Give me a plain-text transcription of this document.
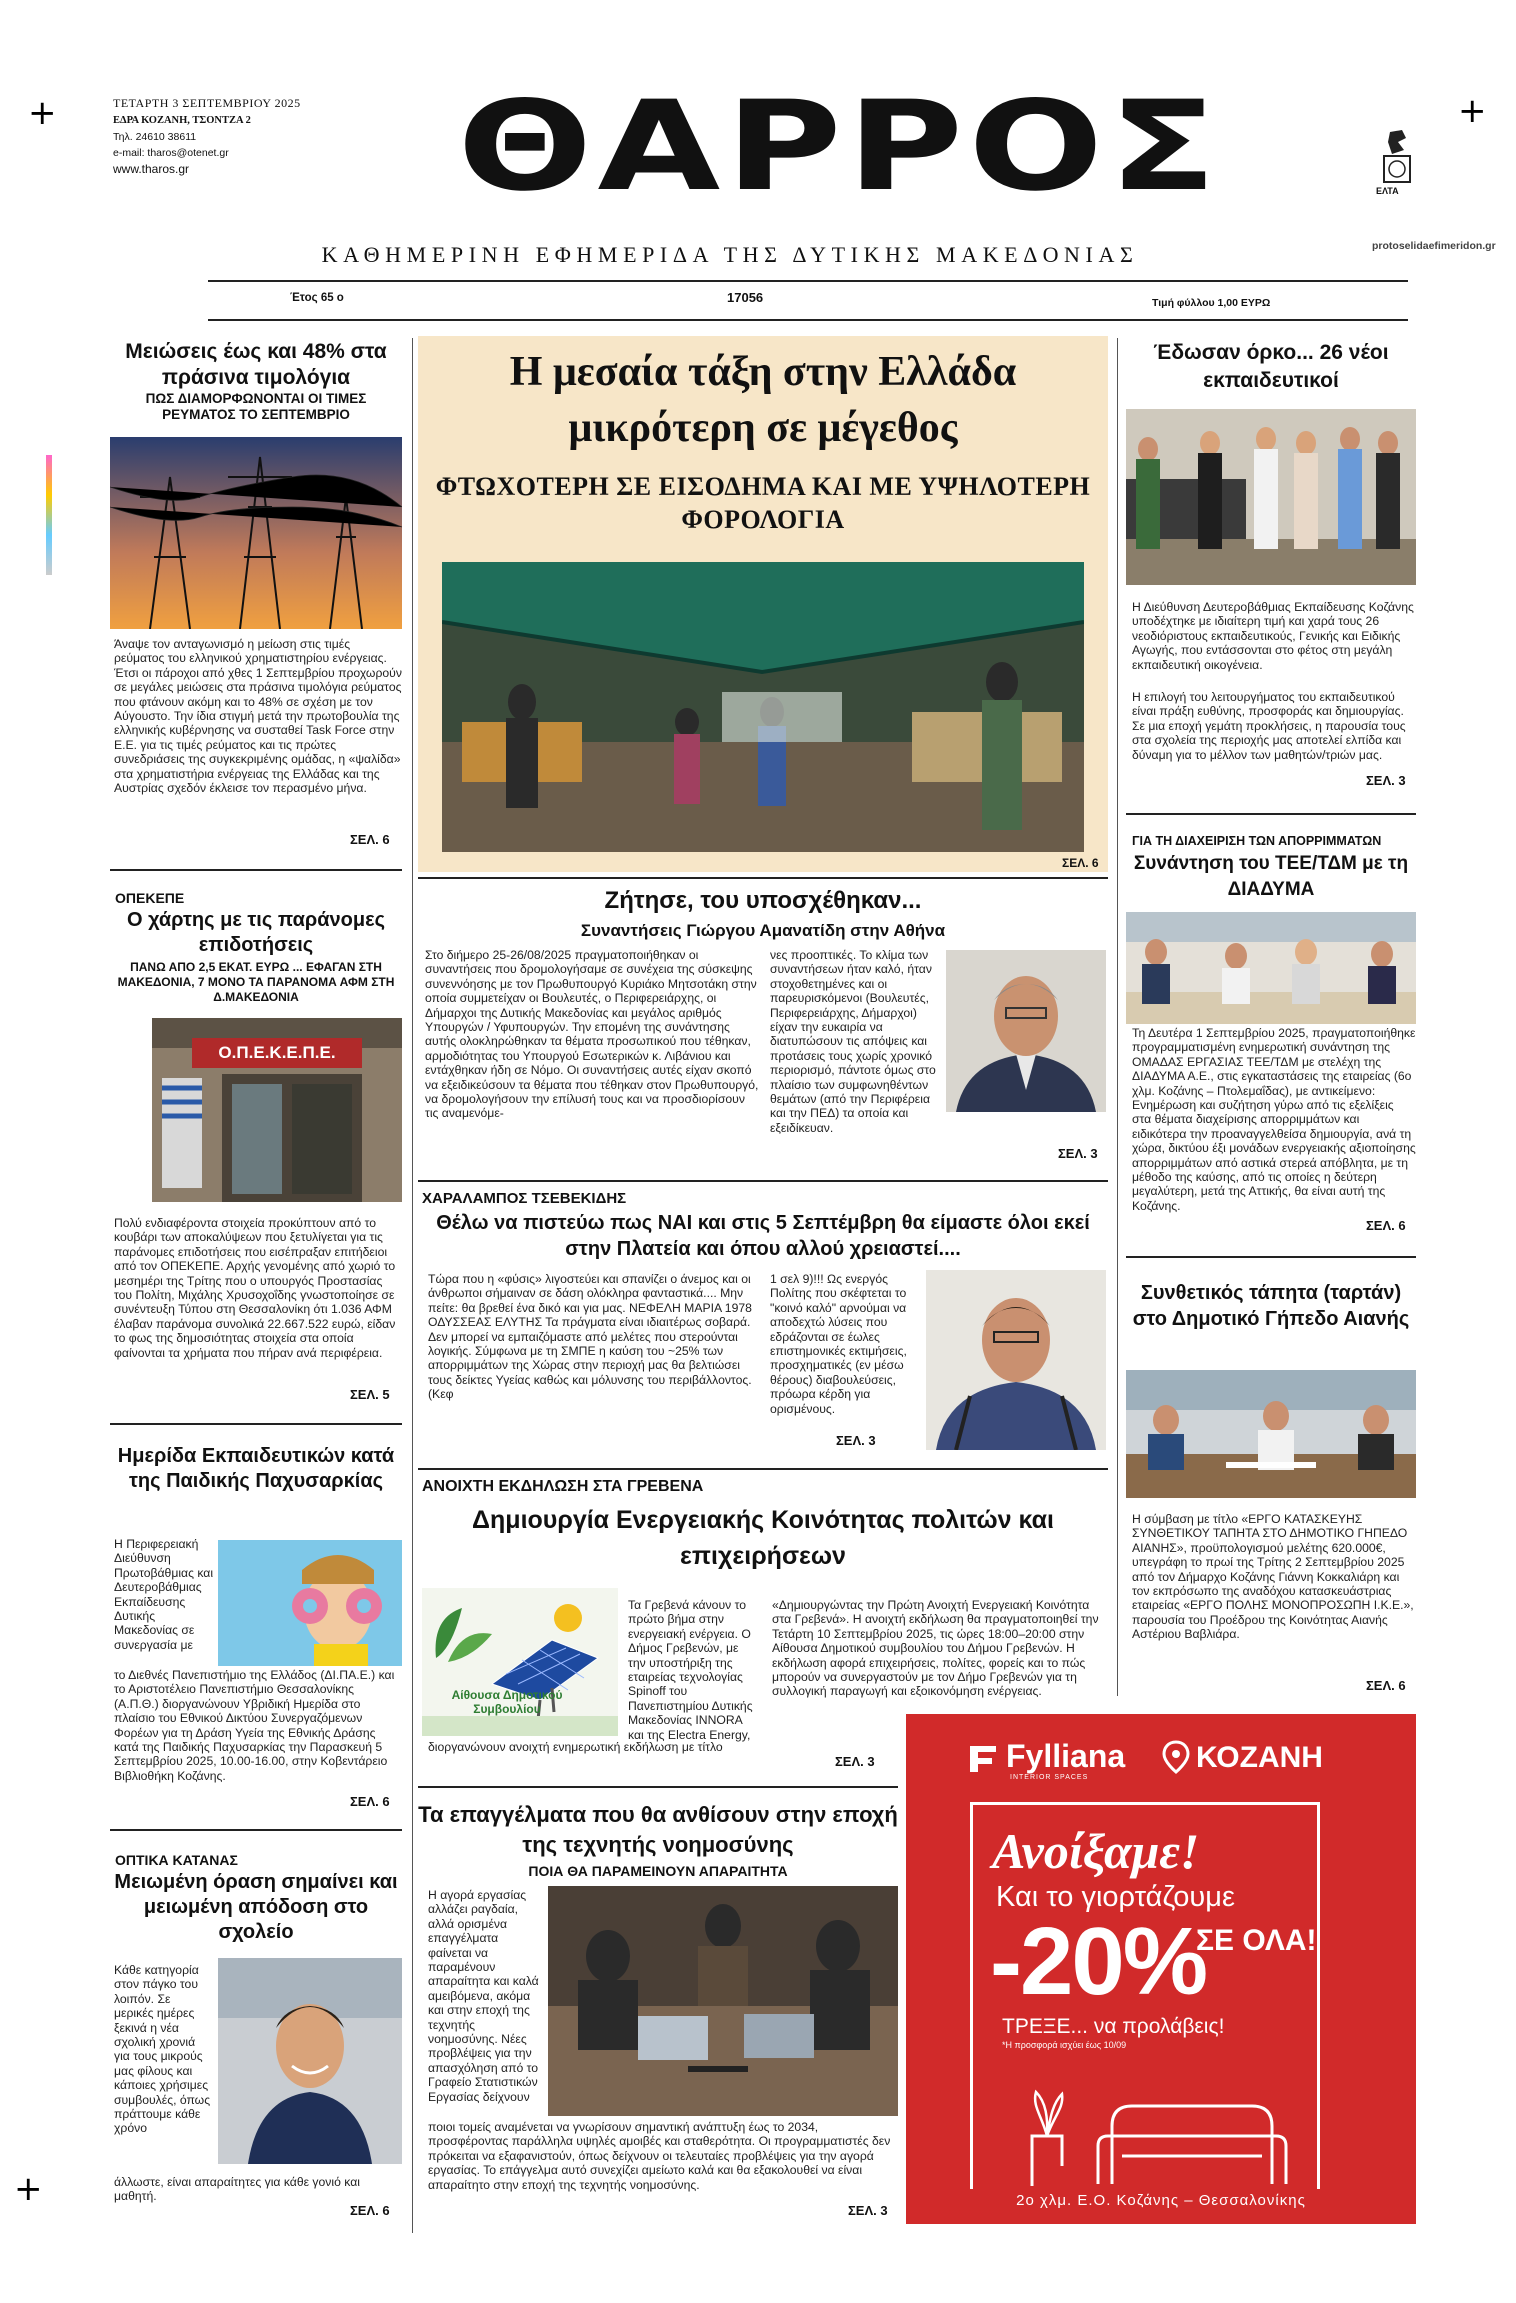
+	+
+
ΤΕΤΑΡΤΗ 3 ΣΕΠΤΕΜΒΡΙΟΥ 2025
ΕΔΡΑ ΚΟΖΑΝΗ, ΤΣΟΝΤΖΑ 2
Τηλ. 24610 38611
e-mail: tharos@otenet.gr
www.tharos.gr	ΘΑΡΡΟΣ	ΕΛΤΑ
protoselidaefimeridon.gr
ΚΑΘΗΜΕΡΙΝΗ ΕΦΗΜΕΡΙΔΑ ΤΗΣ ΔΥΤΙΚΗΣ ΜΑΚΕΔΟΝΙΑΣ
Έτος 65 ο	17056	Τιμή φύλλου 1,00 ΕΥΡΩ
Μειώσεις έως και 48% στα πράσινα τιμολόγια
ΠΩΣ ΔΙΑΜΟΡΦΩΝΟΝΤΑΙ ΟΙ ΤΙΜΕΣ ΡΕΥΜΑΤΟΣ ΤΟ ΣΕΠΤΕΜΒΡΙΟ
Άναψε τον ανταγωνισμό η μείωση στις τιμές ρεύματος του ελληνικού χρηματιστηρίου ενέργειας. Έτσι οι πάροχοι από χθες 1 Σεπτεμβρίου προχωρούν σε μεγάλες μειώσεις στα πράσινα τιμολόγια ρεύματος που φτάνουν ακόμη και το 48% σε σχέση με τον Αύγουστο. Την ίδια στιγμή μετά την πρωτοβουλία της ελληνικής κυβέρνησης να συσταθεί Task Force στην Ε.Ε. για τις τιμές ρεύματος και τις πρώτες συνεδριάσεις της συγκεκριμένης ομάδας, η «ψαλίδα» στα χρηματιστήρια ενέργειας της Ελλάδας και της Αυστρίας σχεδόν έκλεισε τον περασμένο μήνα.
ΣΕΛ. 6
ΟΠΕΚΕΠΕ
Ο χάρτης με τις παράνομες επιδοτήσεις
ΠΑΝΩ ΑΠΟ 2,5 ΕΚΑΤ. ΕΥΡΩ ... ΕΦΑΓΑΝ ΣΤΗ ΜΑΚΕΔΟΝΙΑ, 7 ΜΟΝΟ ΤΑ ΠΑΡΑΝΟΜΑ ΑΦΜ ΣΤΗ Δ.ΜΑΚΕΔΟΝΙΑ
Ο.Π.Ε.Κ.Ε.Π.Ε.
Πολύ ενδιαφέροντα στοιχεία προκύπτουν από το κουβάρι των αποκαλύψεων που ξετυλίγεται για τις παράνομες επιδοτήσεις που εισέπραξαν επιτήδειοι από τον ΟΠΕΚΕΠΕ. Αρχής γενομένης από χωριό το μεσημέρι της Τρίτης που ο υπουργός Προστασίας του Πολίτη, Μιχάλης Χρυσοχοΐδης γνωστοποίησε σε συνέντευξη Τύπου στη Θεσσαλονίκη ότι 1.036 ΑΦΜ έλαβαν παράνομα συνολικά 22.667.522 ευρώ, είδαν το φως της δημοσιότητας στοιχεία στα οποία φαίνονται τα χρήματα που πήραν ανά περιφέρεια.
ΣΕΛ. 5
Ημερίδα Εκπαιδευτικών κατά της Παιδικής Παχυσαρκίας
Η Περιφερειακή Διεύθυνση Πρωτοβάθμιας και Δευτεροβάθμιας Εκπαίδευσης Δυτικής Μακεδονίας σε συνεργασία με
το Διεθνές Πανεπιστήμιο της Ελλάδος (ΔΙ.ΠΑ.Ε.) και το Αριστοτέλειο Πανεπιστήμιο Θεσσαλονίκης (Α.Π.Θ.) διοργανώνουν Υβριδική Ημερίδα στο πλαίσιο του Εθνικού Δικτύου Συνεργαζόμενων Φορέων για τη Δράση Υγεία της Εθνικής Δράσης κατά της Παιδικής Παχυσαρκίας την Παρασκευή 5 Σεπτεμβρίου 2025, 10.00-16.00, στην Κοβεντάρειο Βιβλιοθήκη Κοζάνης.
ΣΕΛ. 6
ΟΠΤΙΚΑ ΚΑΤΑΝΑΣ
Μειωμένη όραση σημαίνει και μειωμένη απόδοση στο σχολείο
Κάθε κατηγορία στον πάγκο του λοιπόν. Σε μερικές ημέρες ξεκινά η νέα σχολική χρονιά για τους μικρούς μας φίλους και κάποιες χρήσιμες συμβουλές, όπως πράττουμε κάθε χρόνο
άλλωστε, είναι απαραίτητες για κάθε γονιό και μαθητή.
ΣΕΛ. 6
Η μεσαία τάξη στην Ελλάδα μικρότερη σε μέγεθος
ΦΤΩΧΟΤΕΡΗ ΣΕ ΕΙΣΟΔΗΜΑ ΚΑΙ ΜΕ ΥΨΗΛΟΤΕΡΗ ΦΟΡΟΛΟΓΙΑ
ΣΕΛ. 6
Ζήτησε, του υποσχέθηκαν...
Συναντήσεις Γιώργου Αμανατίδη στην Αθήνα
Στο διήμερο 25-26/08/2025 πραγματοποιήθηκαν οι συναντήσεις που δρομολογήσαμε σε συνέχεια της σύσκεψης συνεννόησης με τον Πρωθυπουργό Κυριάκο Μητσοτάκη στην οποία συμμετείχαν οι Βουλευτές, ο Περιφερειάρχης, οι Δήμαρχοι της Δυτικής Μακεδονίας και μεγάλος αριθμός Υπουργών / Υφυπουργών. Την επομένη της συνάντησης αυτής ολοκληρώθηκαν τα θέματα προσωπικού που τέθηκαν, αρμοδιότητας του Υπουργού Εσωτερικών κ. Λιβάνιου και εντάχθηκαν ήδη σε Νόμο. Οι συναντήσεις αυτές είχαν σκοπό να εξειδικεύσουν τα θέματα που τέθηκαν στον Πρωθυπουργό, να δρομολογήσουν την επίλυσή τους και να προσδιορίσουν τις αναμενόμε-
νες προοπτικές. Το κλίμα των συναντήσεων ήταν καλό, ήταν στοχοθετημένες και οι παρευρισκόμενοι (Βουλευτές, Περιφερειάρχης, Δήμαρχοι) είχαν την ευκαιρία να διατυπώσουν τις απόψεις και προτάσεις τους χωρίς χρονικό περιορισμό, πάντοτε όμως στο πλαίσιο των συμφωνηθέντων θεμάτων (από την Περιφέρεια και την ΠΕΔ) τα οποία και εξειδίκευαν.
ΣΕΛ. 3
ΧΑΡΑΛΑΜΠΟΣ ΤΣΕΒΕΚΙΔΗΣ
Θέλω να πιστεύω πως ΝΑΙ και στις 5 Σεπτέμβρη θα είμαστε όλοι εκεί στην Πλατεία και όπου αλλού χρειαστεί....
Τώρα που η «φύσις» λιγοστεύει και σπανίζει ο άνεμος και οι άνθρωποι σήμαιναν σε δάση ολόκληρα φανταστικά.... Μην πείτε: θα βρεθεί ένα δικό και για μας. ΝΕΦΕΛΗ ΜΑΡΙΑ 1978 ΟΔΥΣΣΕΑΣ ΕΛΥΤΗΣ Τα πράγματα είναι ιδιαιτέρως σοβαρά. Δεν μπορεί να εμπαιζόμαστε από μελέτες που στερούνται λογικής. Σύμφωνα με τη ΣΜΠΕ η καύση του ~25% των απορριμμάτων της Χώρας στην περιοχή μας θα βελτιώσει τους δείκτες Υγείας καθώς και μόλυνσης του περιβάλλοντος. (Κεφ
1 σελ 9)!!! Ως ενεργός Πολίτης που σκέφτεται το "κοινό καλό" αρνούμαι να αποδεχτώ λύσεις που εδράζονται σε έωλες επιστημονικές εκτιμήσεις, προσχηματικές (εν μέσω θέρους) διαβουλεύσεις, πρόωρα κέρδη για ορισμένους.
ΣΕΛ. 3
ΑΝΟΙΧΤΗ ΕΚΔΗΛΩΣΗ ΣΤΑ ΓΡΕΒΕΝΑ
Δημιουργία Ενεργειακής Κοινότητας πολιτών και επιχειρήσεων
Αίθουσα Δημοτικού Συμβουλίου
Τα Γρεβενά κάνουν το πρώτο βήμα στην ενεργειακή ενέργεια. Ο Δήμος Γρεβενών, με την υποστήριξη της εταιρείας τεχνολογίας Spinoff του Πανεπιστημίου Δυτικής Μακεδονίας INNORA και της Electra Energy,
διοργανώνουν ανοιχτή ενημερωτική εκδήλωση με τίτλο
«Δημιουργώντας την Πρώτη Ανοιχτή Ενεργειακή Κοινότητα στα Γρεβενά». Η ανοιχτή εκδήλωση θα πραγματοποιηθεί την Τετάρτη 10 Σεπτεμβρίου 2025, τις ώρες 18:00–20:00 στην Αίθουσα Δημοτικού συμβουλίου του Δήμου Γρεβενών. Η εκδήλωση αφορά επιχειρήσεις, πολίτες, φορείς και το πώς μπορούν να συνεργαστούν με τον Δήμο Γρεβενών για τη συλλογική παραγωγή και εξοικονόμηση ενέργειας.
ΣΕΛ. 3
Τα επαγγέλματα που θα ανθίσουν στην εποχή της τεχνητής νοημοσύνης
ΠΟΙΑ ΘΑ ΠΑΡΑΜΕΙΝΟΥΝ ΑΠΑΡΑΙΤΗΤΑ
Η αγορά εργασίας αλλάζει ραγδαία, αλλά ορισμένα επαγγέλματα φαίνεται να παραμένουν απαραίτητα και καλά αμειβόμενα, ακόμα και στην εποχή της τεχνητής νοημοσύνης. Νέες προβλέψεις για την απασχόληση από το Γραφείο Στατιστικών Εργασίας δείχνουν
ποιοι τομείς αναμένεται να γνωρίσουν σημαντική ανάπτυξη έως το 2034, προσφέροντας παράλληλα υψηλές αμοιβές και σταθερότητα. Οι προγραμματιστές δεν πρόκειται να εξαφανιστούν, όπως δείχνουν οι τελευταίες προβλέψεις για την αγορά εργασίας. Το επάγγελμα αυτό συνεχίζει αμείωτο καλά και θα εξακολουθεί να είναι απαραίτητο στην εποχή της τεχνητής νοημοσύνης.
ΣΕΛ. 3
Έδωσαν όρκο... 26 νέοι εκπαιδευτικοί
Η Διεύθυνση Δευτεροβάθμιας Εκπαίδευσης Κοζάνης υποδέχτηκε με ιδιαίτερη τιμή και χαρά τους 26 νεοδιόριστους εκπαιδευτικούς, Γενικής και Ειδικής Αγωγής, που εντάσσονται στο φέτος στη μεγάλη εκπαιδευτική οικογένεια.
Η επιλογή του λειτουργήματος του εκπαιδευτικού είναι πράξη ευθύνης, προσφοράς και δημιουργίας. Σε μια εποχή γεμάτη προκλήσεις, η παρουσία τους στα σχολεία της περιοχής μας αποτελεί ελπίδα και δύναμη για το μέλλον των μαθητών/τριών μας.
ΣΕΛ. 3
ΓΙΑ ΤΗ ΔΙΑΧΕΙΡΙΣΗ ΤΩΝ ΑΠΟΡΡΙΜΜΑΤΩΝ
Συνάντηση του ΤΕΕ/ΤΔΜ με τη ΔΙΑΔΥΜΑ
Τη Δευτέρα 1 Σεπτεμβρίου 2025, πραγματοποιήθηκε προγραμματισμένη ενημερωτική συνάντηση της ΟΜΑΔΑΣ ΕΡΓΑΣΙΑΣ ΤΕΕ/ΤΔΜ με στελέχη της ΔΙΑΔΥΜΑ Α.Ε., στις εγκαταστάσεις της εταιρείας (6ο χλμ. Κοζάνης – Πτολεμαΐδας), με αντικείμενο: Ενημέρωση και συζήτηση γύρω από τις εξελίξεις στα θέματα διαχείρισης απορριμμάτων και ειδικότερα την προαναγγελθείσα δημιουργία, ανά τη χώρα, δικτύου έξι μονάδων ενεργειακής αξιοποίησης απορριμμάτων από αστικά στερεά απόβλητα, με τη μέθοδο της καύσης, από τις οποίες η δεύτερη μεγαλύτερη, μετά της Αττικής, θα είναι αυτή της Κοζάνης.
ΣΕΛ. 6
Συνθετικός τάπητα (ταρτάν) στο Δημοτικό Γήπεδο Αιανής
Η σύμβαση με τίτλο «ΕΡΓΟ ΚΑΤΑΣΚΕΥΗΣ ΣΥΝΘΕΤΙΚΟΥ ΤΑΠΗΤΑ ΣΤΟ ΔΗΜΟΤΙΚΟ ΓΗΠΕΔΟ ΑΙΑΝΗΣ», προϋπολογισμού μελέτης 620.000€, υπεγράφη το πρωί της Τρίτης 2 Σεπτεμβρίου 2025 από τον Δήμαρχο Κοζάνης Γιάννη Κοκκαλιάρη και τον εκπρόσωπο της αναδόχου κατασκευάστριας εταιρείας «ΕΡΓΟ ΠΟΛΗΣ ΜΟΝΟΠΡΟΣΩΠΗ Ι.Κ.Ε.», παρουσία του Προέδρου της Κοινότητας Αιανής Αστέριου Βαβλιάρα.
ΣΕΛ. 6
Fylliana
INTERIOR SPACES
ΚΟΖΑΝΗ
Ανοίξαμε!
Και το γιορτάζουμε
-20%
ΣΕ ΟΛΑ!
ΤΡΕΞΕ... να προλάβεις!
*Η προσφορά ισχύει έως 10/09
2ο χλμ. Ε.Ο. Κοζάνης – Θεσσαλονίκης
